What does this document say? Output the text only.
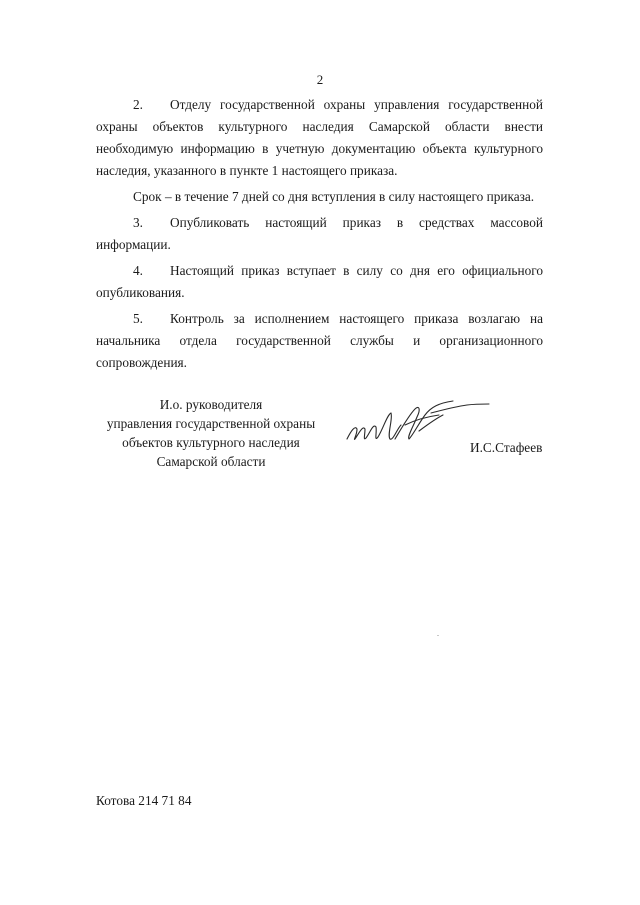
2

2. Отделу государственной охраны управления государственной охраны объектов культурного наследия Самарской области внести необходимую информацию в учетную документацию объекта культурного наследия, указанного в пункте 1 настоящего приказа.

Срок – в течение 7 дней со дня вступления в силу настоящего приказа.

3. Опубликовать настоящий приказ в средствах массовой информации.

4. Настоящий приказ вступает в силу со дня его официального опубликования.

5. Контроль за исполнением настоящего приказа возлагаю на начальника отдела государственной службы и организационного сопровождения.

И.о. руководителя
управления государственной охраны
объектов культурного наследия
Самарской области
И.С.Стафеев
Котова 214 71 84
